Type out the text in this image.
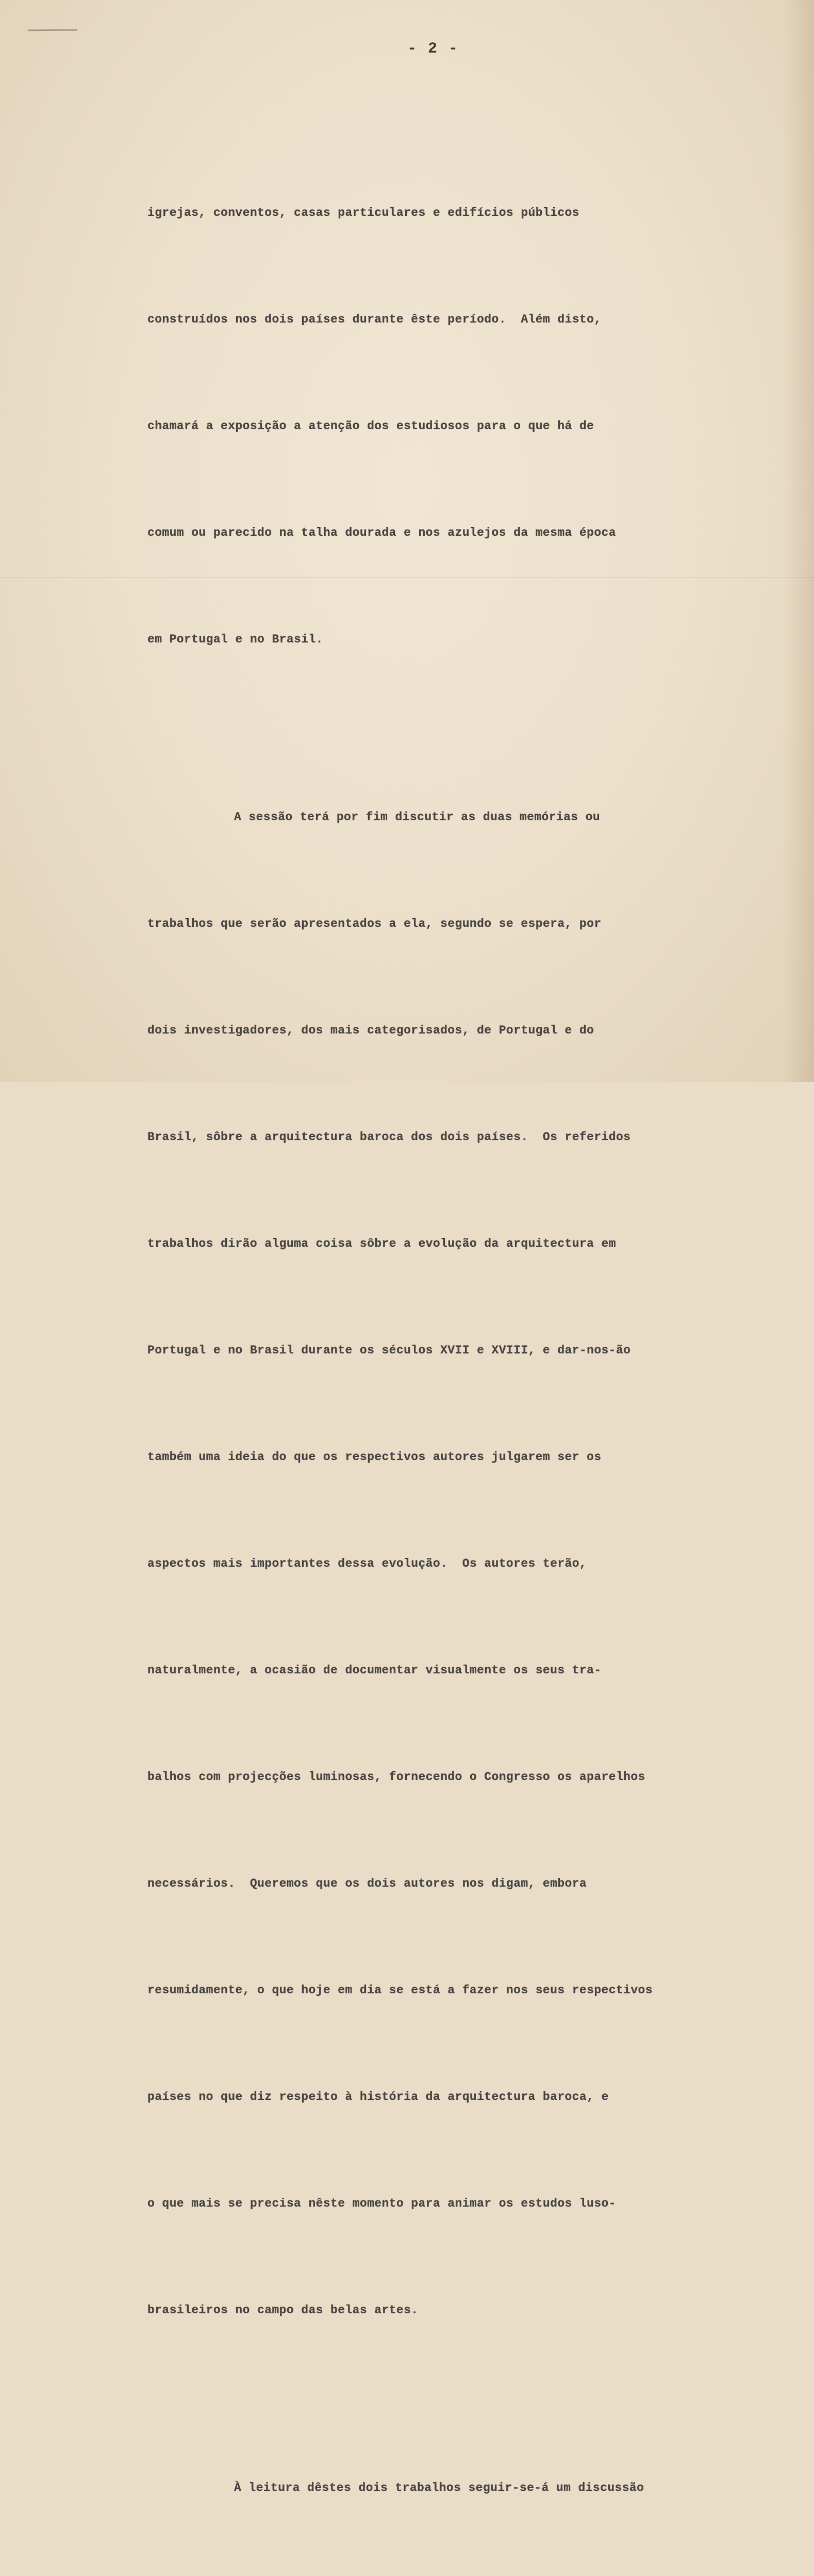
- 2 -

igrejas, conventos, casas particulares e edifícios públicos

construídos nos dois países durante êste período.  Além disto,

chamará a exposição a atenção dos estudiosos para o que há de

comum ou parecido na talha dourada e nos azulejos da mesma época

em Portugal e no Brasil.

A sessão terá por fim discutir as duas memórias ou

trabalhos que serão apresentados a ela, segundo se espera, por

dois investigadores, dos mais categorisados, de Portugal e do

Brasil, sôbre a arquitectura baroca dos dois países.  Os referidos

trabalhos dirão alguma coisa sôbre a evolução da arquitectura em

Portugal e no Brasil durante os séculos XVII e XVIII, e dar-nos-ão

também uma ideia do que os respectivos autores julgarem ser os

aspectos mais importantes dessa evolução.  Os autores terão,

naturalmente, a ocasião de documentar visualmente os seus tra-

balhos com projecções luminosas, fornecendo o Congresso os aparelhos

necessários.  Queremos que os dois autores nos digam, embora

resumidamente, o que hoje em dia se está a fazer nos seus respectivos

países no que diz respeito à história da arquitectura baroca, e

o que mais se precisa nêste momento para animar os estudos luso-

brasileiros no campo das belas artes.

À leitura dêstes dois trabalhos seguir-se-á um discussão
